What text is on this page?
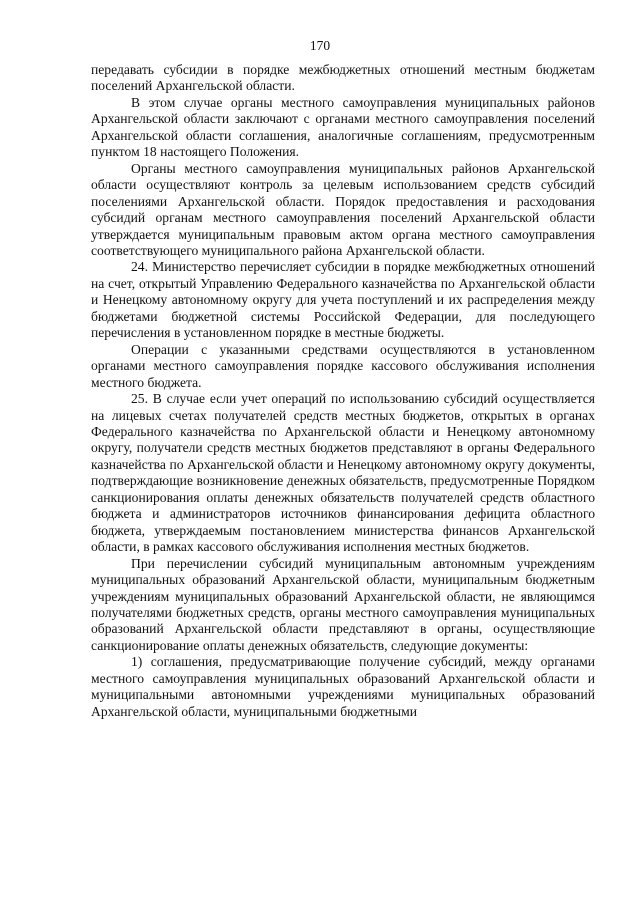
170

передавать субсидии в порядке межбюджетных отношений местным бюджетам поселений Архангельской области.

В этом случае органы местного самоуправления муниципальных районов Архангельской области заключают с органами местного самоуправления поселений Архангельской области соглашения, аналогичные соглашениям, предусмотренным пунктом 18 настоящего Положения.

Органы местного самоуправления муниципальных районов Архангельской области осуществляют контроль за целевым использованием средств субсидий поселениями Архангельской области. Порядок предоставления и расходования субсидий органам местного самоуправления поселений Архангельской области утверждается муниципальным правовым актом органа местного самоуправления соответствующего муниципального района Архангельской области.

24. Министерство перечисляет субсидии в порядке межбюджетных отношений на счет, открытый Управлению Федерального казначейства по Архангельской области и Ненецкому автономному округу для учета поступлений и их распределения между бюджетами бюджетной системы Российской Федерации, для последующего перечисления в установленном порядке в местные бюджеты.

Операции с указанными средствами осуществляются в установленном органами местного самоуправления порядке кассового обслуживания исполнения местного бюджета.

25. В случае если учет операций по использованию субсидий осуществляется на лицевых счетах получателей средств местных бюджетов, открытых в органах Федерального казначейства по Архангельской области и Ненецкому автономному округу, получатели средств местных бюджетов представляют в органы Федерального казначейства по Архангельской области и Ненецкому автономному округу документы, подтверждающие возникновение денежных обязательств, предусмотренные Порядком санкционирования оплаты денежных обязательств получателей средств областного бюджета и администраторов источников финансирования дефицита областного бюджета, утверждаемым постановлением министерства финансов Архангельской области, в рамках кассового обслуживания исполнения местных бюджетов.

При перечислении субсидий муниципальным автономным учреждениям муниципальных образований Архангельской области, муниципальным бюджетным учреждениям муниципальных образований Архангельской области, не являющимся получателями бюджетных средств, органы местного самоуправления муниципальных образований Архангельской области представляют в органы, осуществляющие санкционирование оплаты денежных обязательств, следующие документы:

1) соглашения, предусматривающие получение субсидий, между органами местного самоуправления муниципальных образований Архангельской области и муниципальными автономными учреждениями муниципальных образований Архангельской области, муниципальными бюджетными
